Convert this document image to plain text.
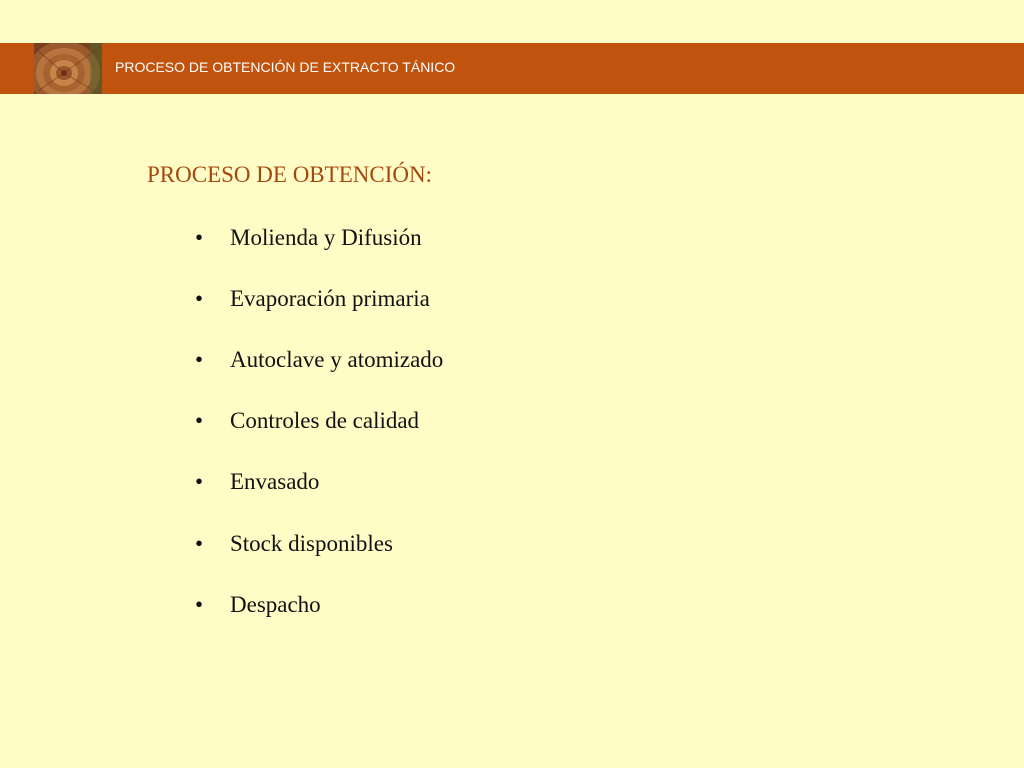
PROCESO DE OBTENCIÓN DE EXTRACTO TÁNICO
PROCESO DE OBTENCIÓN:
•	Molienda y Difusión
•	Evaporación primaria
•	Autoclave y atomizado
•	Controles de calidad
•	Envasado
•	Stock disponibles
•	Despacho
